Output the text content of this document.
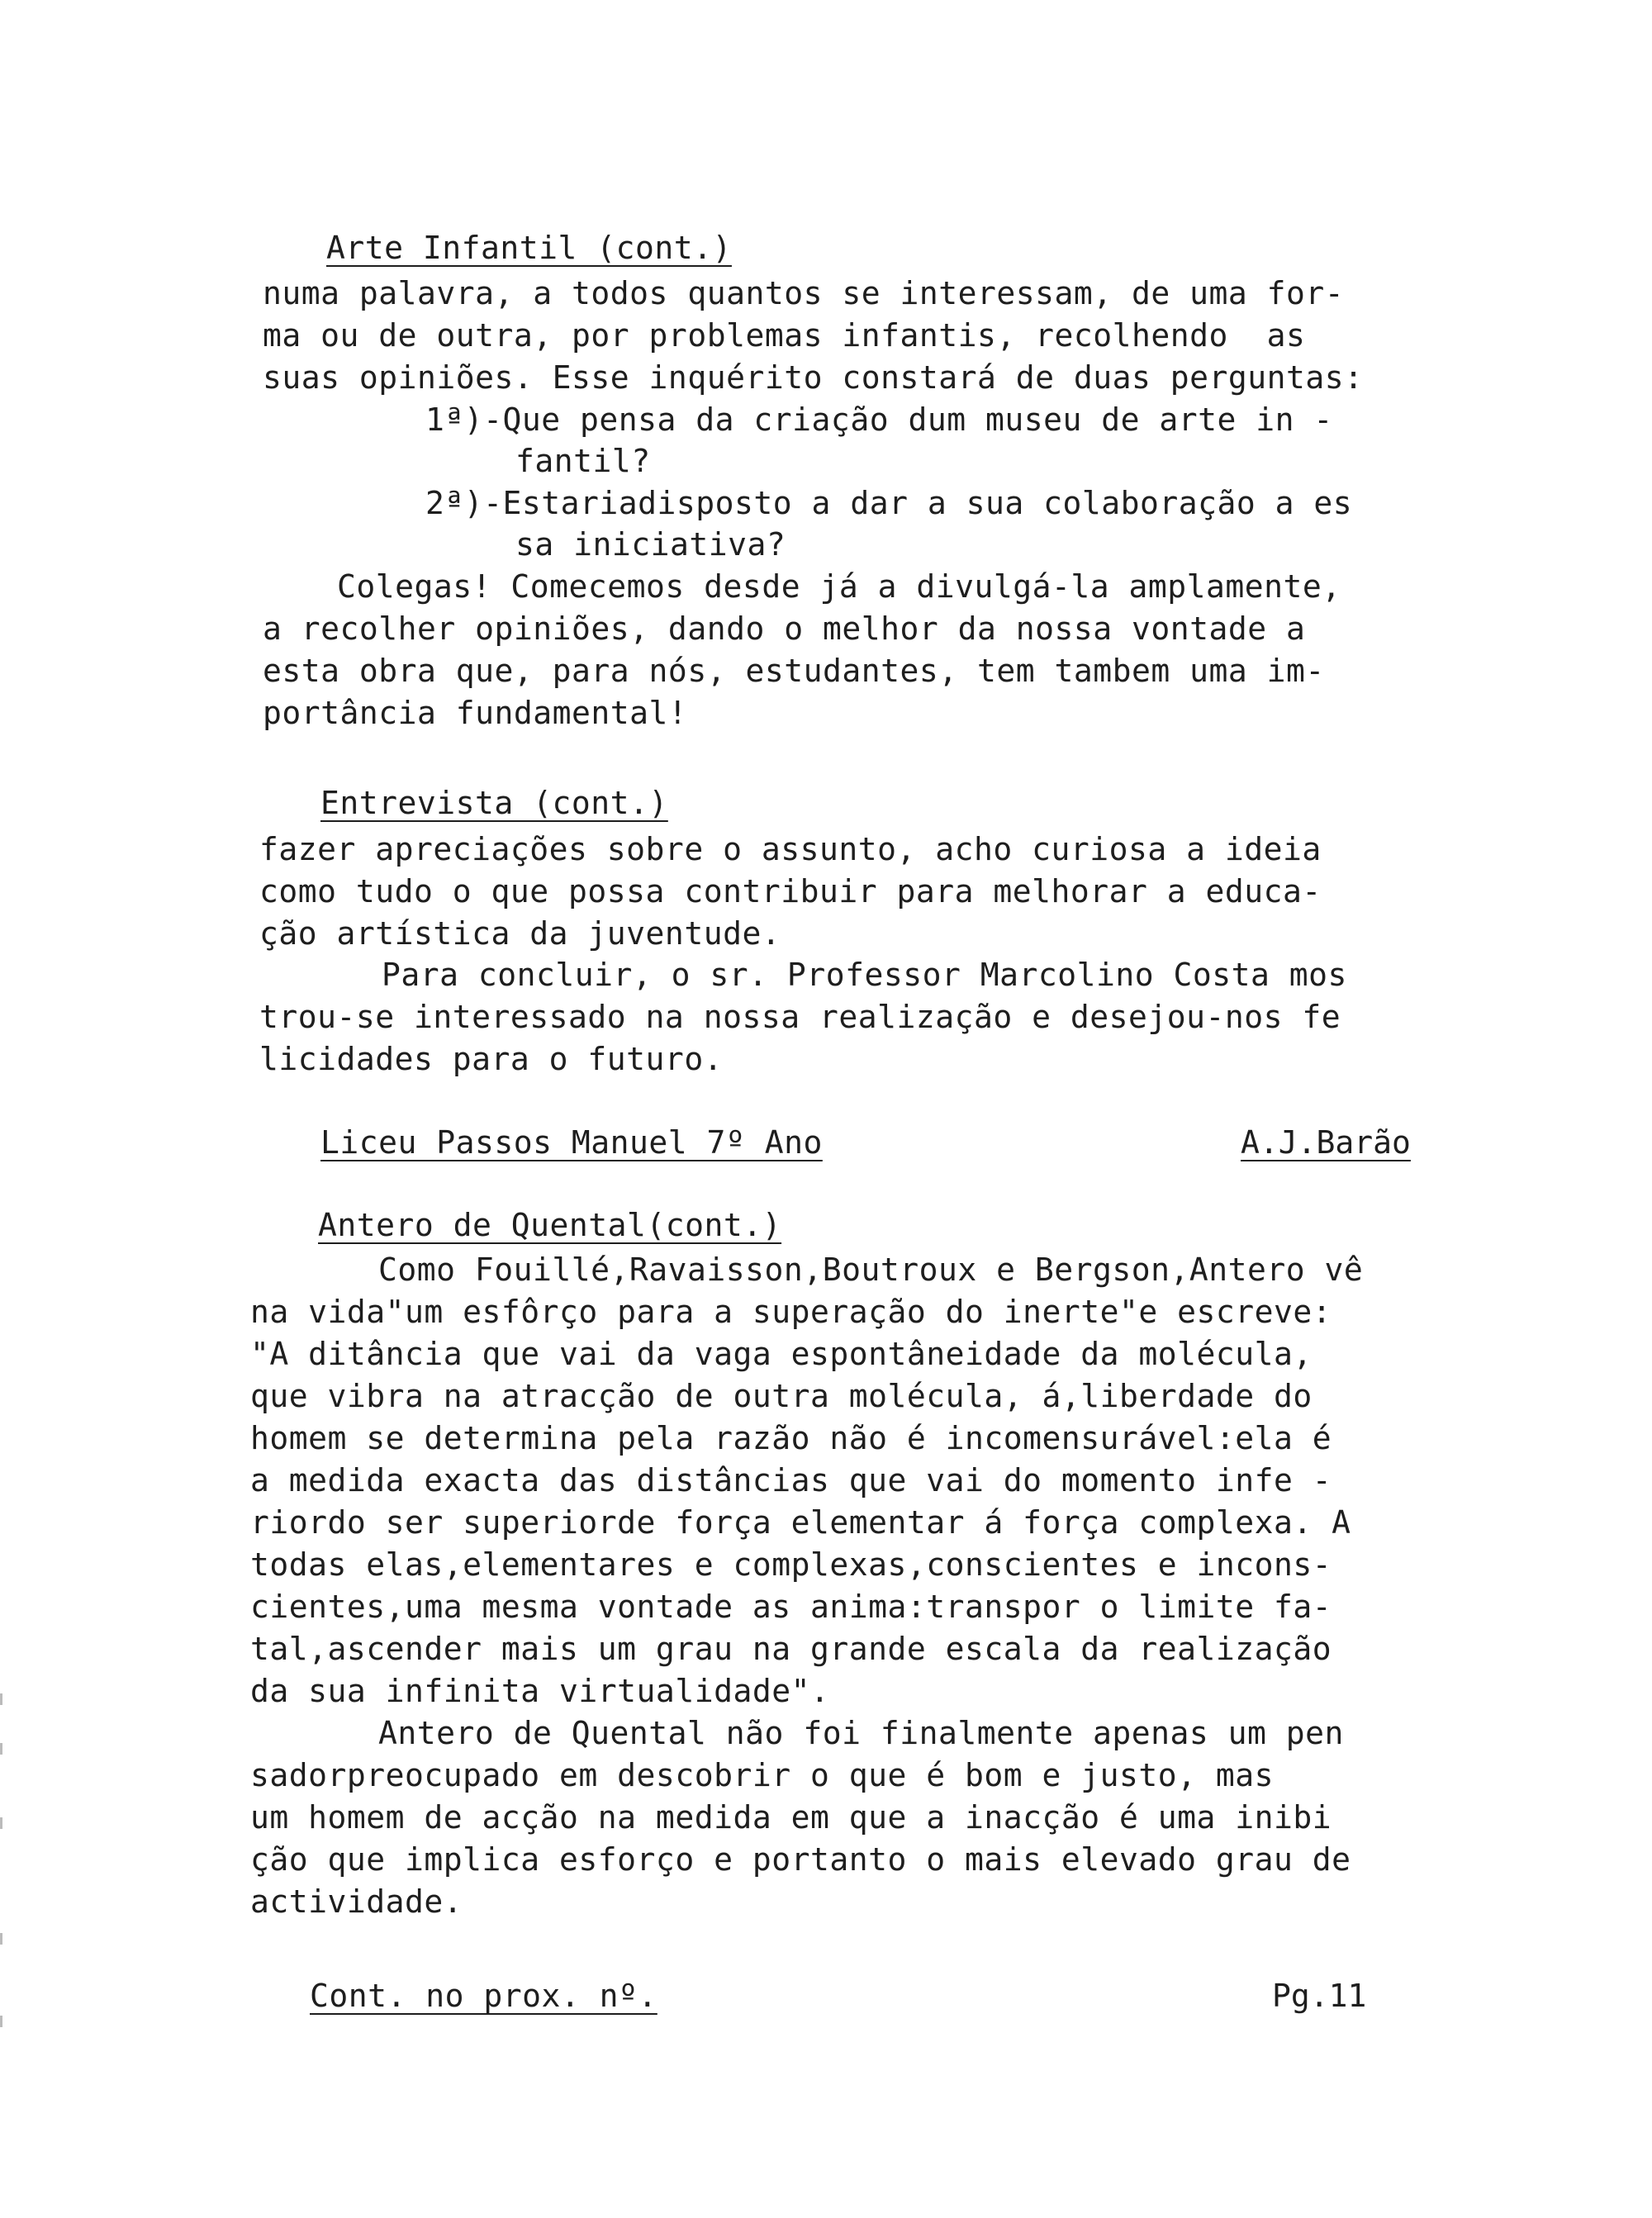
Arte Infantil (cont.)
numa palavra, a todos quantos se interessam, de uma for-
ma ou de outra, por problemas infantis, recolhendo  as
suas opiniões. Esse inquérito constará de duas perguntas:
1ª)-Que pensa da criação dum museu de arte in -
fantil?
2ª)-Estariadisposto a dar a sua colaboração a es
sa iniciativa?
Colegas! Comecemos desde já a divulgá-la amplamente,
a recolher opiniões, dando o melhor da nossa vontade a
esta obra que, para nós, estudantes, tem tambem uma im-
portância fundamental!
Entrevista (cont.)
fazer apreciações sobre o assunto, acho curiosa a ideia
como tudo o que possa contribuir para melhorar a educa-
ção artística da juventude.
Para concluir, o sr. Professor Marcolino Costa mos
trou-se interessado na nossa realização e desejou-nos fe
licidades para o futuro.
Liceu Passos Manuel 7º Ano	A.J.Barão
Antero de Quental(cont.)
Como Fouillé,Ravaisson,Boutroux e Bergson,Antero vê
na vida"um esfôrço para a superação do inerte"e escreve:
"A ditância que vai da vaga espontâneidade da molécula,
que vibra na atracção de outra molécula, á,liberdade do
homem se determina pela razão não é incomensurável:ela é
a medida exacta das distâncias que vai do momento infe -
riordo ser superiorde força elementar á força complexa. A
todas elas,elementares e complexas,conscientes e incons-
cientes,uma mesma vontade as anima:transpor o limite fa-
tal,ascender mais um grau na grande escala da realização
da sua infinita virtualidade".
Antero de Quental não foi finalmente apenas um pen
sadorpreocupado em descobrir o que é bom e justo, mas
um homem de acção na medida em que a inacção é uma inibi
ção que implica esforço e portanto o mais elevado grau de
actividade.
Cont. no prox. nº.	Pg.11
